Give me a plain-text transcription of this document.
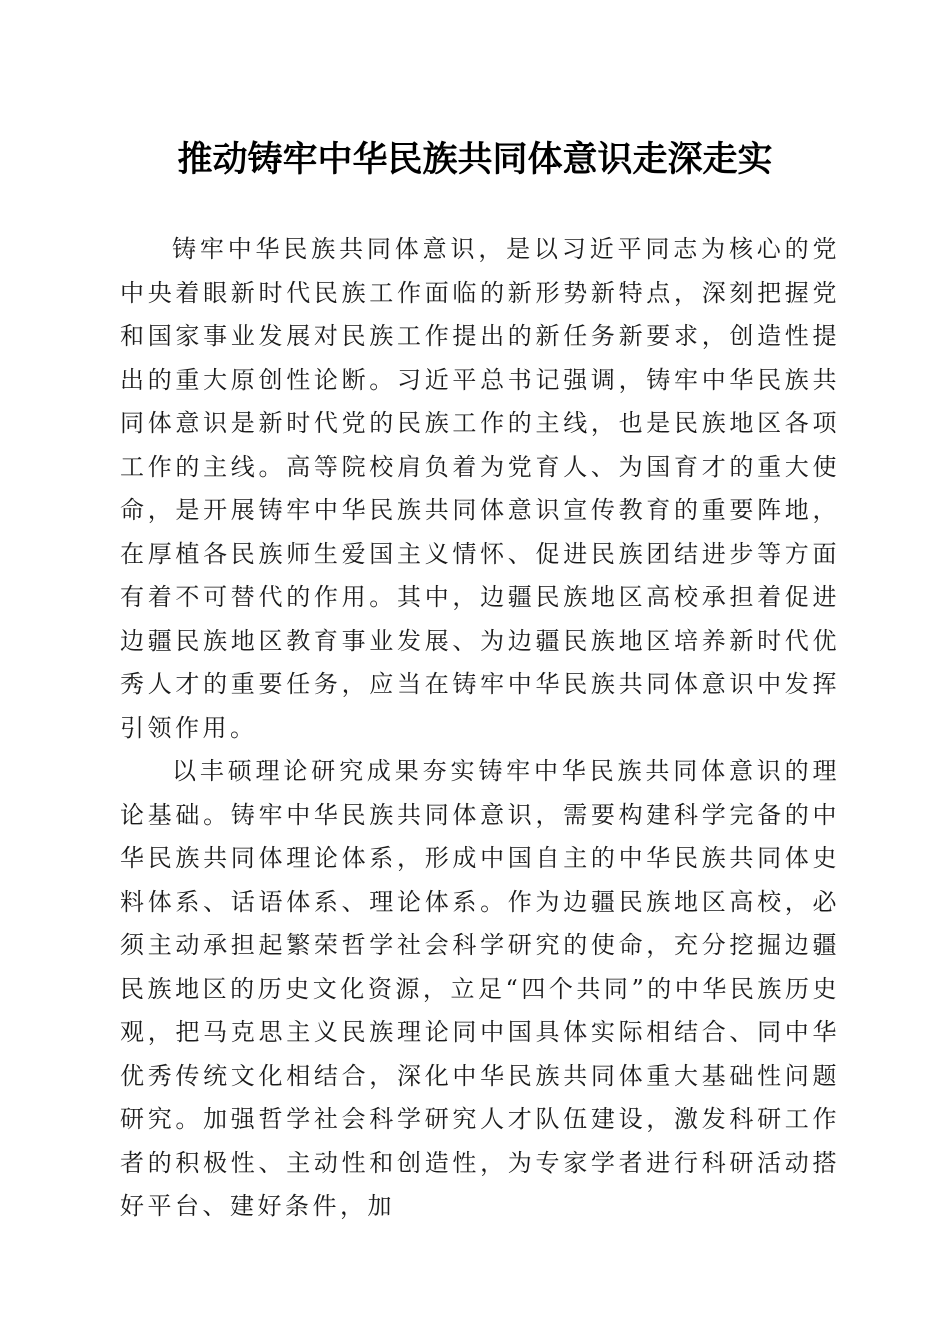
推动铸牢中华民族共同体意识走深走实

铸牢中华民族共同体意识，是以习近平同志为核心的党中央着眼新时代民族工作面临的新形势新特点，深刻把握党和国家事业发展对民族工作提出的新任务新要求，创造性提出的重大原创性论断。习近平总书记强调，铸牢中华民族共同体意识是新时代党的民族工作的主线，也是民族地区各项工作的主线。高等院校肩负着为党育人、为国育才的重大使命，是开展铸牢中华民族共同体意识宣传教育的重要阵地，在厚植各民族师生爱国主义情怀、促进民族团结进步等方面有着不可替代的作用。其中，边疆民族地区高校承担着促进边疆民族地区教育事业发展、为边疆民族地区培养新时代优秀人才的重要任务，应当在铸牢中华民族共同体意识中发挥引领作用。

以丰硕理论研究成果夯实铸牢中华民族共同体意识的理论基础。铸牢中华民族共同体意识，需要构建科学完备的中华民族共同体理论体系，形成中国自主的中华民族共同体史料体系、话语体系、理论体系。作为边疆民族地区高校，必须主动承担起繁荣哲学社会科学研究的使命，充分挖掘边疆民族地区的历史文化资源，立足“四个共同”的中华民族历史观，把马克思主义民族理论同中国具体实际相结合、同中华优秀传统文化相结合，深化中华民族共同体重大基础性问题研究。加强哲学社会科学研究人才队伍建设，激发科研工作者的积极性、主动性和创造性，为专家学者进行科研活动搭好平台、建好条件，加
